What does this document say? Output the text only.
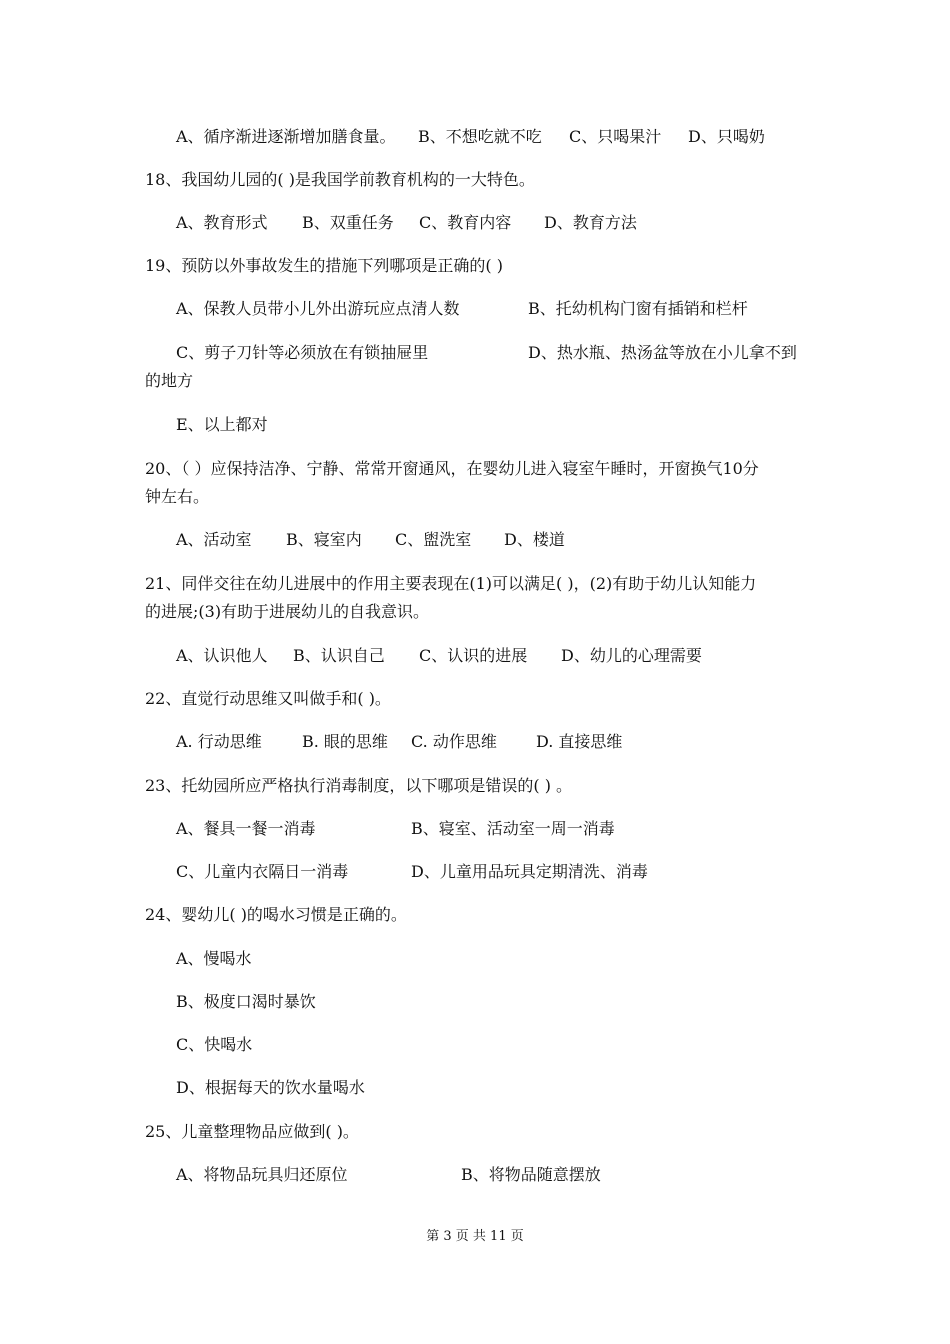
A、循序渐进逐渐增加膳食量。 B、不想吃就不吃 C、只喝果汁 D、只喝奶
18、我国幼儿园的( )是我国学前教育机构的一大特色。
A、教育形式 B、双重任务 C、教育内容 D、教育方法
19、预防以外事故发生的措施下列哪项是正确的( )
A、保教人员带小儿外出游玩应点清人数	B、托幼机构门窗有插销和栏杆
C、剪子刀针等必须放在有锁抽屉里	D、热水瓶、热汤盆等放在小儿拿不到
的地方
E、以上都对
20、（ ）应保持洁净、宁静、常常开窗通风，在婴幼儿进入寝室午睡时，开窗换气10分
钟左右。
A、活动室 B、寝室内 C、盥洗室 D、楼道
21、同伴交往在幼儿进展中的作用主要表现在(1)可以满足( )，(2)有助于幼儿认知能力
的进展;(3)有助于进展幼儿的自我意识。
A、认识他人 B、认识自己 C、认识的进展 D、幼儿的心理需要
22、直觉行动思维又叫做手和( )。
A. 行动思维	B. 眼的思维 C. 动作思维 D. 直接思维
23、托幼园所应严格执行消毒制度，以下哪项是错误的( ) 。
A、餐具一餐一消毒	B、寝室、活动室一周一消毒
C、儿童内衣隔日一消毒	D、儿童用品玩具定期清洗、消毒
24、婴幼儿( )的喝水习惯是正确的。
A、慢喝水
B、极度口渴时暴饮
C、快喝水
D、根据每天的饮水量喝水
25、儿童整理物品应做到( )。
A、将物品玩具归还原位	B、将物品随意摆放
第 3 页 共 11 页
